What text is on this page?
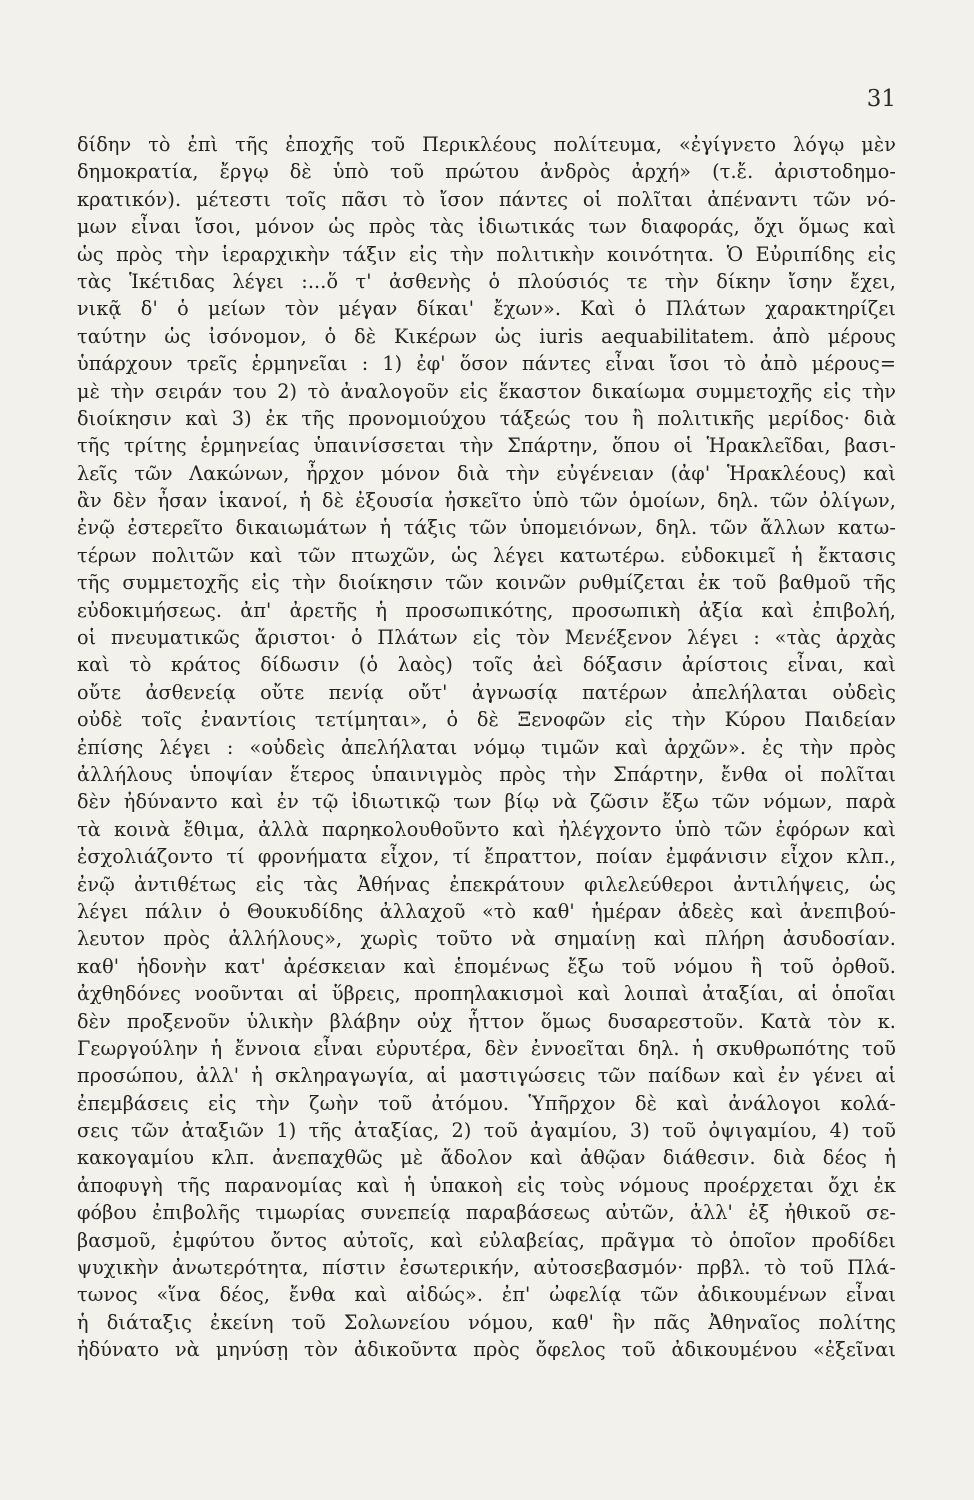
31
δίδην τὸ ἐπὶ τῆς ἐποχῆς τοῦ Περικλέους πολίτευμα, «ἐγίγνετο λόγῳ μὲν
δημοκρατία, ἔργῳ δὲ ὑπὸ τοῦ πρώτου ἀνδρὸς ἀρχή» (τ.ἔ. ἀριστοδημο-
κρατικόν). μέτεστι τοῖς πᾶσι τὸ ἴσον πάντες οἱ πολῖται ἀπέναντι τῶν νό-
μων εἶναι ἴσοι, μόνον ὡς πρὸς τὰς ἰδιωτικάς των διαφοράς, ὄχι ὅμως καὶ
ὡς πρὸς τὴν ἱεραρχικὴν τάξιν εἰς τὴν πολιτικὴν κοινότητα. Ὁ Εὐριπίδης εἰς
τὰς Ἱκέτιδας λέγει :...ὅ τ' ἀσθενὴς ὁ πλούσιός τε τὴν δίκην ἴσην ἔχει,
νικᾷ δ' ὁ μείων τὸν μέγαν δίκαι' ἔχων». Καὶ ὁ Πλάτων χαρακτηρίζει
ταύτην ὡς ἰσόνομον, ὁ δὲ Κικέρων ὡς iuris aequabilitatem. ἀπὸ μέρους
ὑπάρχουν τρεῖς ἑρμηνεῖαι : 1) ἐφ' ὅσον πάντες εἶναι ἴσοι τὸ ἀπὸ μέρους=
μὲ τὴν σειράν του 2) τὸ ἀναλογοῦν εἰς ἕκαστον δικαίωμα συμμετοχῆς εἰς τὴν
διοίκησιν καὶ 3) ἐκ τῆς προνομιούχου τάξεώς του ἢ πολιτικῆς μερίδος· διὰ
τῆς τρίτης ἑρμηνείας ὑπαινίσσεται τὴν Σπάρτην, ὅπου οἱ Ἡρακλεῖδαι, βασι-
λεῖς τῶν Λακώνων, ἦρχον μόνον διὰ τὴν εὐγένειαν (ἀφ' Ἡρακλέους) καὶ
ἂν δὲν ἦσαν ἱκανοί, ἡ δὲ ἐξουσία ἠσκεῖτο ὑπὸ τῶν ὁμοίων, δηλ. τῶν ὀλίγων,
ἐνῷ ἐστερεῖτο δικαιωμάτων ἡ τάξις τῶν ὑπομειόνων, δηλ. τῶν ἄλλων κατω-
τέρων πολιτῶν καὶ τῶν πτωχῶν, ὡς λέγει κατωτέρω. εὐδοκιμεῖ ἡ ἔκτασις
τῆς συμμετοχῆς εἰς τὴν διοίκησιν τῶν κοινῶν ρυθμίζεται ἐκ τοῦ βαθμοῦ τῆς
εὐδοκιμήσεως. ἀπ' ἀρετῆς ἡ προσωπικότης, προσωπικὴ ἀξία καὶ ἐπιβολή,
οἱ πνευματικῶς ἄριστοι· ὁ Πλάτων εἰς τὸν Μενέξενον λέγει : «τὰς ἀρχὰς
καὶ τὸ κράτος δίδωσιν (ὁ λαὸς) τοῖς ἀεὶ δόξασιν ἀρίστοις εἶναι, καὶ
οὔτε ἀσθενείᾳ οὔτε πενίᾳ οὔτ' ἀγνωσίᾳ πατέρων ἀπελήλαται οὐδεὶς
οὐδὲ τοῖς ἐναντίοις τετίμηται», ὁ δὲ Ξενοφῶν εἰς τὴν Κύρου Παιδείαν
ἐπίσης λέγει : «οὐδεὶς ἀπελήλαται νόμῳ τιμῶν καὶ ἀρχῶν». ἐς τὴν πρὸς
ἀλλήλους ὑποψίαν ἕτερος ὑπαινιγμὸς πρὸς τὴν Σπάρτην, ἔνθα οἱ πολῖται
δὲν ἠδύναντο καὶ ἐν τῷ ἰδιωτικῷ των βίῳ νὰ ζῶσιν ἔξω τῶν νόμων, παρὰ
τὰ κοινὰ ἔθιμα, ἀλλὰ παρηκολουθοῦντο καὶ ἠλέγχοντο ὑπὸ τῶν ἐφόρων καὶ
ἐσχολιάζοντο τί φρονήματα εἶχον, τί ἔπραττον, ποίαν ἐμφάνισιν εἶχον κλπ.,
ἐνῷ ἀντιθέτως εἰς τὰς Ἀθήνας ἐπεκράτουν φιλελεύθεροι ἀντιλήψεις, ὡς
λέγει πάλιν ὁ Θουκυδίδης ἀλλαχοῦ «τὸ καθ' ἡμέραν ἀδεὲς καὶ ἀνεπιβού-
λευτον πρὸς ἀλλήλους», χωρὶς τοῦτο νὰ σημαίνῃ καὶ πλήρη ἀσυδοσίαν.
καθ' ἡδονὴν κατ' ἀρέσκειαν καὶ ἑπομένως ἔξω τοῦ νόμου ἢ τοῦ ὀρθοῦ.
ἀχθηδόνες νοοῦνται αἱ ὕβρεις, προπηλακισμοὶ καὶ λοιπαὶ ἀταξίαι, αἱ ὁποῖαι
δὲν προξενοῦν ὑλικὴν βλάβην οὐχ ἧττον ὅμως δυσαρεστοῦν. Κατὰ τὸν κ.
Γεωργούλην ἡ ἔννοια εἶναι εὐρυτέρα, δὲν ἐννοεῖται δηλ. ἡ σκυθρωπότης τοῦ
προσώπου, ἀλλ' ἡ σκληραγωγία, αἱ μαστιγώσεις τῶν παίδων καὶ ἐν γένει αἱ
ἐπεμβάσεις εἰς τὴν ζωὴν τοῦ ἀτόμου. Ὑπῆρχον δὲ καὶ ἀνάλογοι κολά-
σεις τῶν ἀταξιῶν 1) τῆς ἀταξίας, 2) τοῦ ἀγαμίου, 3) τοῦ ὀψιγαμίου, 4) τοῦ
κακογαμίου κλπ. ἀνεπαχθῶς μὲ ἄδολον καὶ ἀθῷαν διάθεσιν. διὰ δέος ἡ
ἀποφυγὴ τῆς παρανομίας καὶ ἡ ὑπακοὴ εἰς τοὺς νόμους προέρχεται ὄχι ἐκ
φόβου ἐπιβολῆς τιμωρίας συνεπείᾳ παραβάσεως αὐτῶν, ἀλλ' ἐξ ἠθικοῦ σε-
βασμοῦ, ἐμφύτου ὄντος αὐτοῖς, καὶ εὐλαβείας, πρᾶγμα τὸ ὁποῖον προδίδει
ψυχικὴν ἀνωτερότητα, πίστιν ἐσωτερικήν, αὐτοσεβασμόν· πρβλ. τὸ τοῦ Πλά-
τωνος «ἵνα δέος, ἔνθα καὶ αἰδώς». ἐπ' ὠφελίᾳ τῶν ἀδικουμένων εἶναι
ἡ διάταξις ἐκείνη τοῦ Σολωνείου νόμου, καθ' ἣν πᾶς Ἀθηναῖος πολίτης
ἠδύνατο νὰ μηνύσῃ τὸν ἀδικοῦντα πρὸς ὄφελος τοῦ ἀδικουμένου «ἐξεῖναι
